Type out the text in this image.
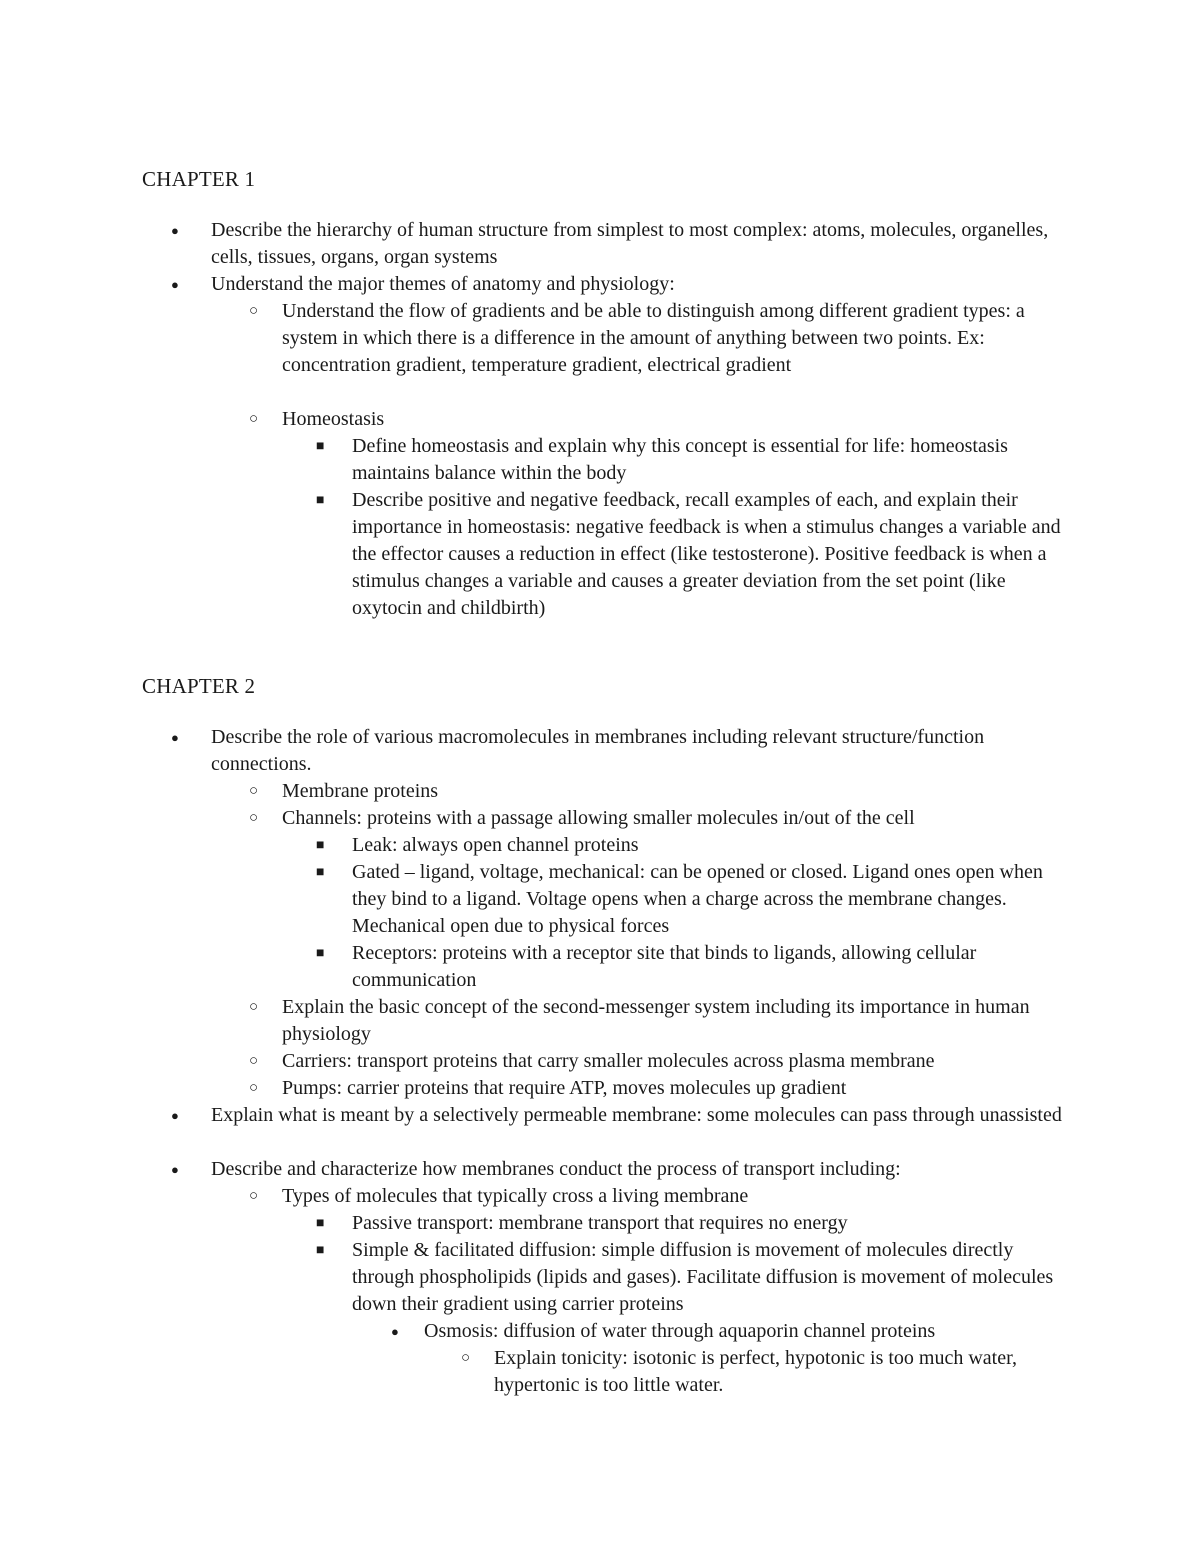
CHAPTER 1
● Describe the hierarchy of human structure from simplest to most complex: atoms, molecules, organelles, cells, tissues, organs, organ systems
● Understand the major themes of anatomy and physiology:
○ Understand the flow of gradients and be able to distinguish among different gradient types: a system in which there is a difference in the amount of anything between two points. Ex: concentration gradient, temperature gradient, electrical gradient
○ Homeostasis
■ Define homeostasis and explain why this concept is essential for life: homeostasis maintains balance within the body
■ Describe positive and negative feedback, recall examples of each, and explain their importance in homeostasis: negative feedback is when a stimulus changes a variable and the effector causes a reduction in effect (like testosterone). Positive feedback is when a stimulus changes a variable and causes a greater deviation from the set point (like oxytocin and childbirth)
CHAPTER 2
● Describe the role of various macromolecules in membranes including relevant structure/function connections.
○ Membrane proteins
○ Channels: proteins with a passage allowing smaller molecules in/out of the cell
■ Leak: always open channel proteins
■ Gated – ligand, voltage, mechanical: can be opened or closed. Ligand ones open when they bind to a ligand. Voltage opens when a charge across the membrane changes. Mechanical open due to physical forces
■ Receptors: proteins with a receptor site that binds to ligands, allowing cellular communication
○ Explain the basic concept of the second-messenger system including its importance in human physiology
○ Carriers: transport proteins that carry smaller molecules across plasma membrane
○ Pumps: carrier proteins that require ATP, moves molecules up gradient
● Explain what is meant by a selectively permeable membrane: some molecules can pass through unassisted
● Describe and characterize how membranes conduct the process of transport including:
○ Types of molecules that typically cross a living membrane
■ Passive transport: membrane transport that requires no energy
■ Simple & facilitated diffusion: simple diffusion is movement of molecules directly through phospholipids (lipids and gases). Facilitate diffusion is movement of molecules down their gradient using carrier proteins
● Osmosis: diffusion of water through aquaporin channel proteins
○ Explain tonicity: isotonic is perfect, hypotonic is too much water, hypertonic is too little water.
